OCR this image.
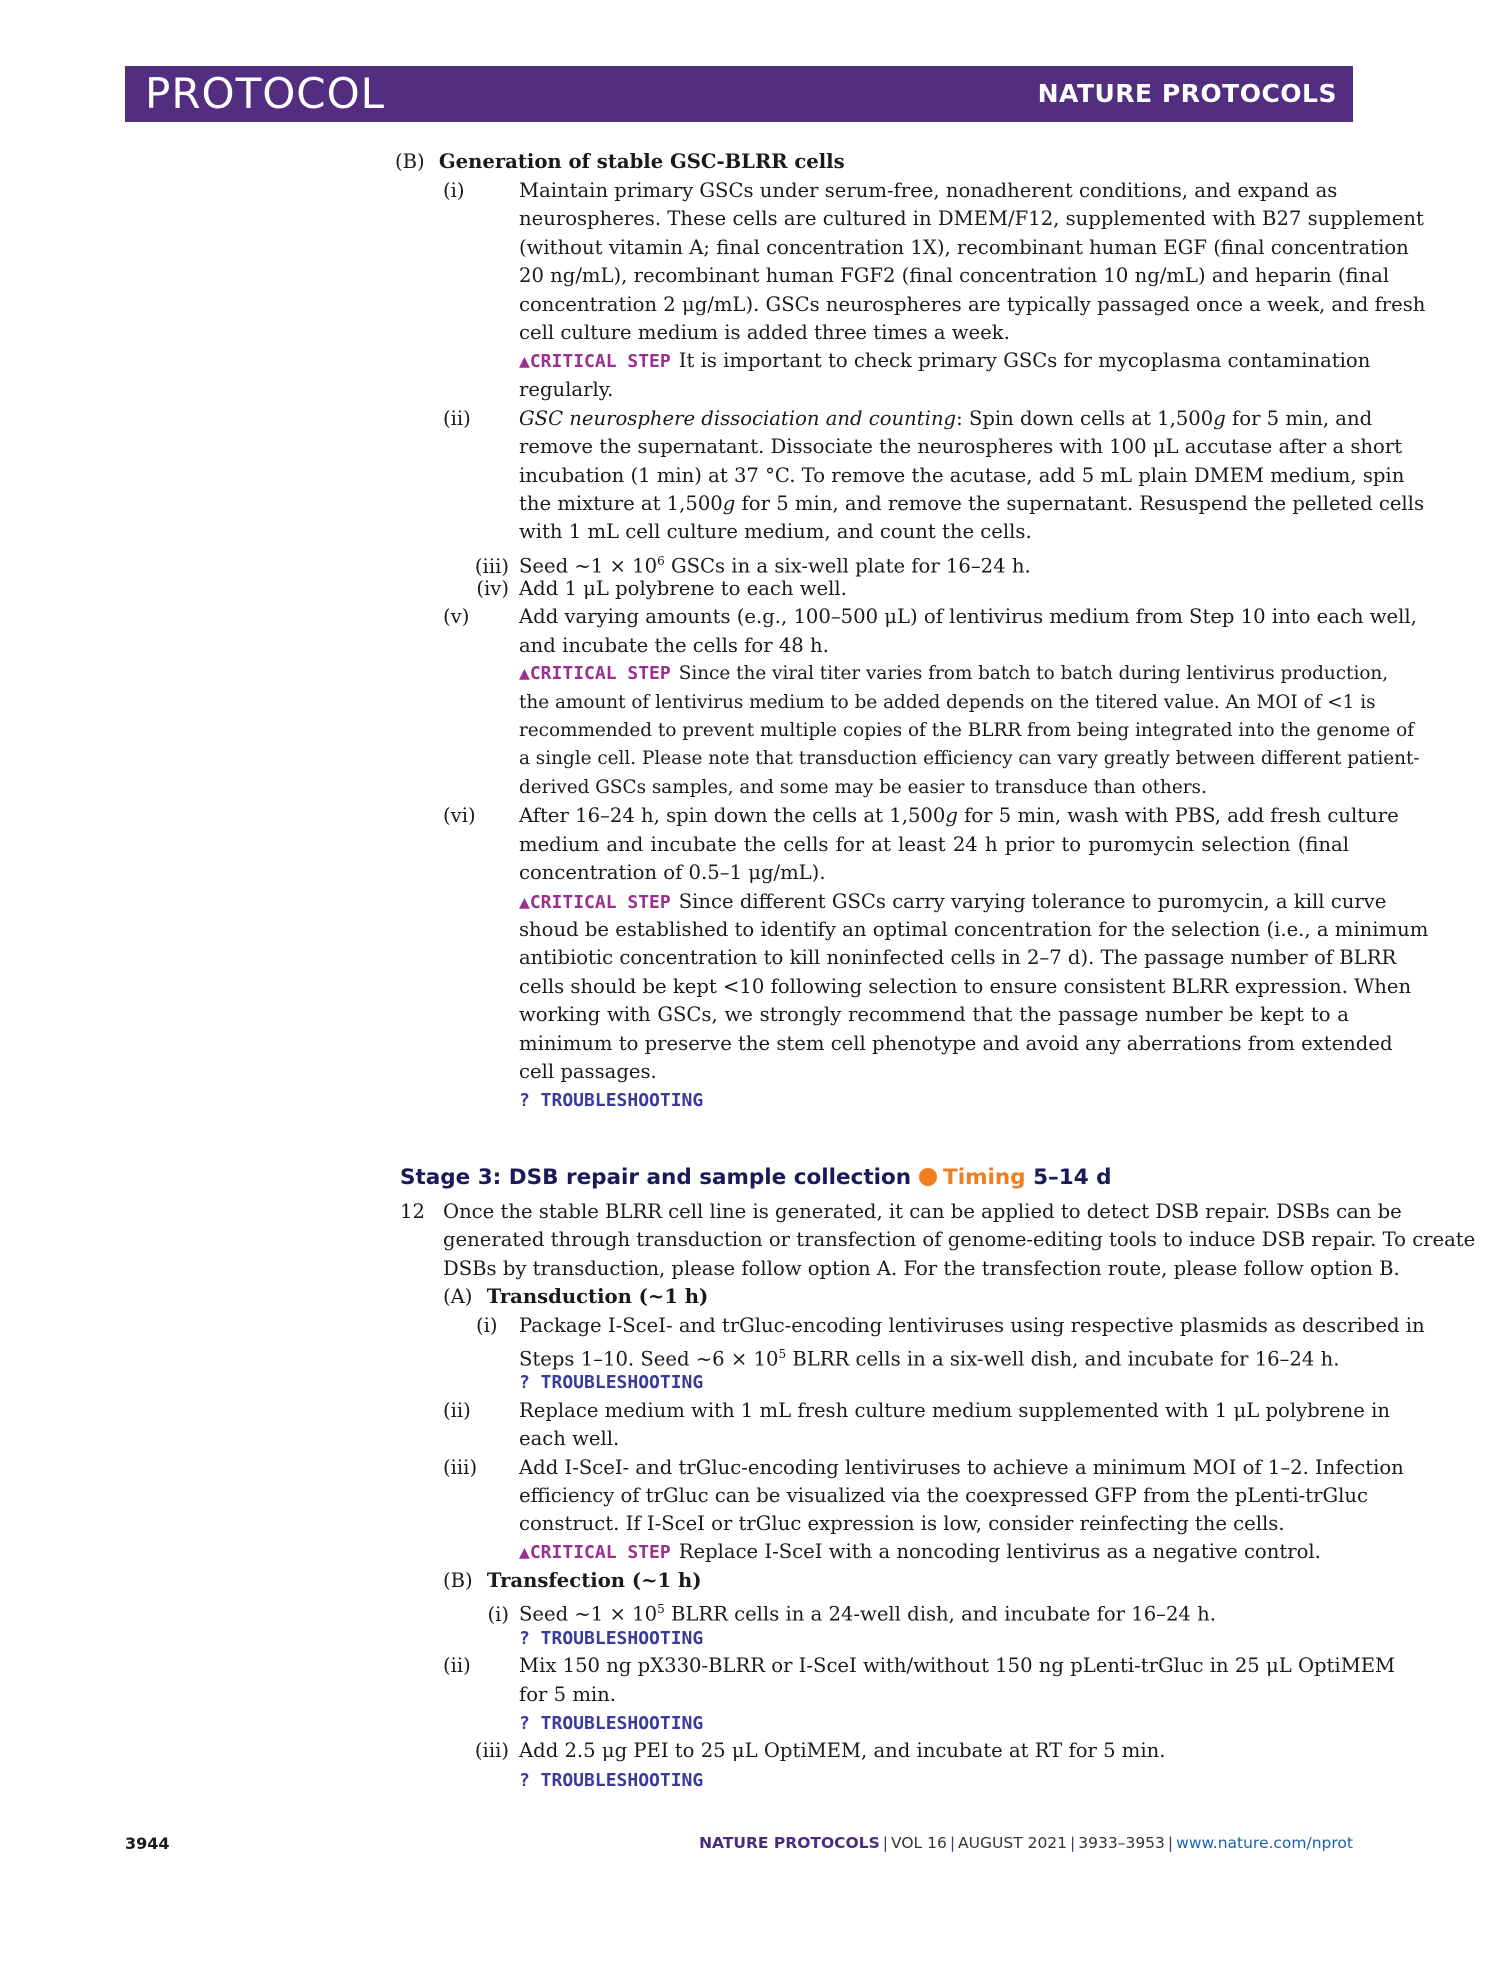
PROTOCOL	NATURE PROTOCOLS
(B) Generation of stable GSC-BLRR cells
(i)	Maintain primary GSCs under serum-free, nonadherent conditions, and expand as
neurospheres. These cells are cultured in DMEM/F12, supplemented with B27 supplement
(without vitamin A; final concentration 1X), recombinant human EGF (final concentration
20 ng/mL), recombinant human FGF2 (final concentration 10 ng/mL) and heparin (final
concentration 2 μg/mL). GSCs neurospheres are typically passaged once a week, and fresh
cell culture medium is added three times a week.
▲CRITICAL STEP It is important to check primary GSCs for mycoplasma contamination
regularly.
(ii) GSC neurosphere dissociation and counting: Spin down cells at 1,500g for 5 min, and
remove the supernatant. Dissociate the neurospheres with 100 μL accutase after a short
incubation (1 min) at 37 °C. To remove the acutase, add 5 mL plain DMEM medium, spin
the mixture at 1,500g for 5 min, and remove the supernatant. Resuspend the pelleted cells
with 1 mL cell culture medium, and count the cells.
(iii) Seed ~1 × $10^6$ GSCs in a six-well plate for 16–24 h.
(iv) Add 1 μL polybrene to each well.
(v)	Add varying amounts (e.g., 100–500 μL) of lentivirus medium from Step 10 into each well,
and incubate the cells for 48 h.
▲CRITICAL STEP Since the viral titer varies from batch to batch during lentivirus production,
the amount of lentivirus medium to be added depends on the titered value. An MOI of <1 is
recommended to prevent multiple copies of the BLRR from being integrated into the genome of
a single cell. Please note that transduction efficiency can vary greatly between different patient-
derived GSCs samples, and some may be easier to transduce than others.
(vi) After 16–24 h, spin down the cells at 1,500g for 5 min, wash with PBS, add fresh culture
medium and incubate the cells for at least 24 h prior to puromycin selection (final
concentration of 0.5–1 μg/mL).
▲CRITICAL STEP Since different GSCs carry varying tolerance to puromycin, a kill curve
shoud be established to identify an optimal concentration for the selection (i.e., a minimum
antibiotic concentration to kill noninfected cells in 2–7 d). The passage number of BLRR
cells should be kept <10 following selection to ensure consistent BLRR expression. When
working with GSCs, we strongly recommend that the passage number be kept to a
minimum to preserve the stem cell phenotype and avoid any aberrations from extended
cell passages.
? TROUBLESHOOTING
Stage 3: DSB repair and sample collection Timing 5–14 d
Once the stable BLRR cell line is generated, it can be applied to detect DSB repair. DSBs can be
12
generated through transduction or transfection of genome-editing tools to induce DSB repair. To create
DSBs by transduction, please follow option A. For the transfection route, please follow option B.
(A) Transduction (~1 h)
(i) Package I-SceI- and trGluc-encoding lentiviruses using respective plasmids as described in
Steps 1–10. Seed ~6 × $10^5$ BLRR cells in a six-well dish, and incubate for 16–24 h.
? TROUBLESHOOTING
(ii) Replace medium with 1 mL fresh culture medium supplemented with 1 μL polybrene in
each well.
(iii) Add I-SceI- and trGluc-encoding lentiviruses to achieve a minimum MOI of 1–2. Infection
efficiency of trGluc can be visualized via the coexpressed GFP from the pLenti-trGluc
construct. If I-SceI or trGluc expression is low, consider reinfecting the cells.
▲CRITICAL STEP Replace I-SceI with a noncoding lentivirus as a negative control.
(B) Transfection (~1 h)
(i) Seed ~1 × $10^5$ BLRR cells in a 24-well dish, and incubate for 16–24 h.
? TROUBLESHOOTING
(ii) Mix 150 ng pX330-BLRR or I-SceI with/without 150 ng pLenti-trGluc in 25 μL OptiMEM
for 5 min.
? TROUBLESHOOTING
(iii) Add 2.5 μg PEI to 25 μL OptiMEM, and incubate at RT for 5 min.
? TROUBLESHOOTING
3944	NATURE PROTOCOLS | VOL 16 | AUGUST 2021 | 3933–3953 | www.nature.com/nprot
